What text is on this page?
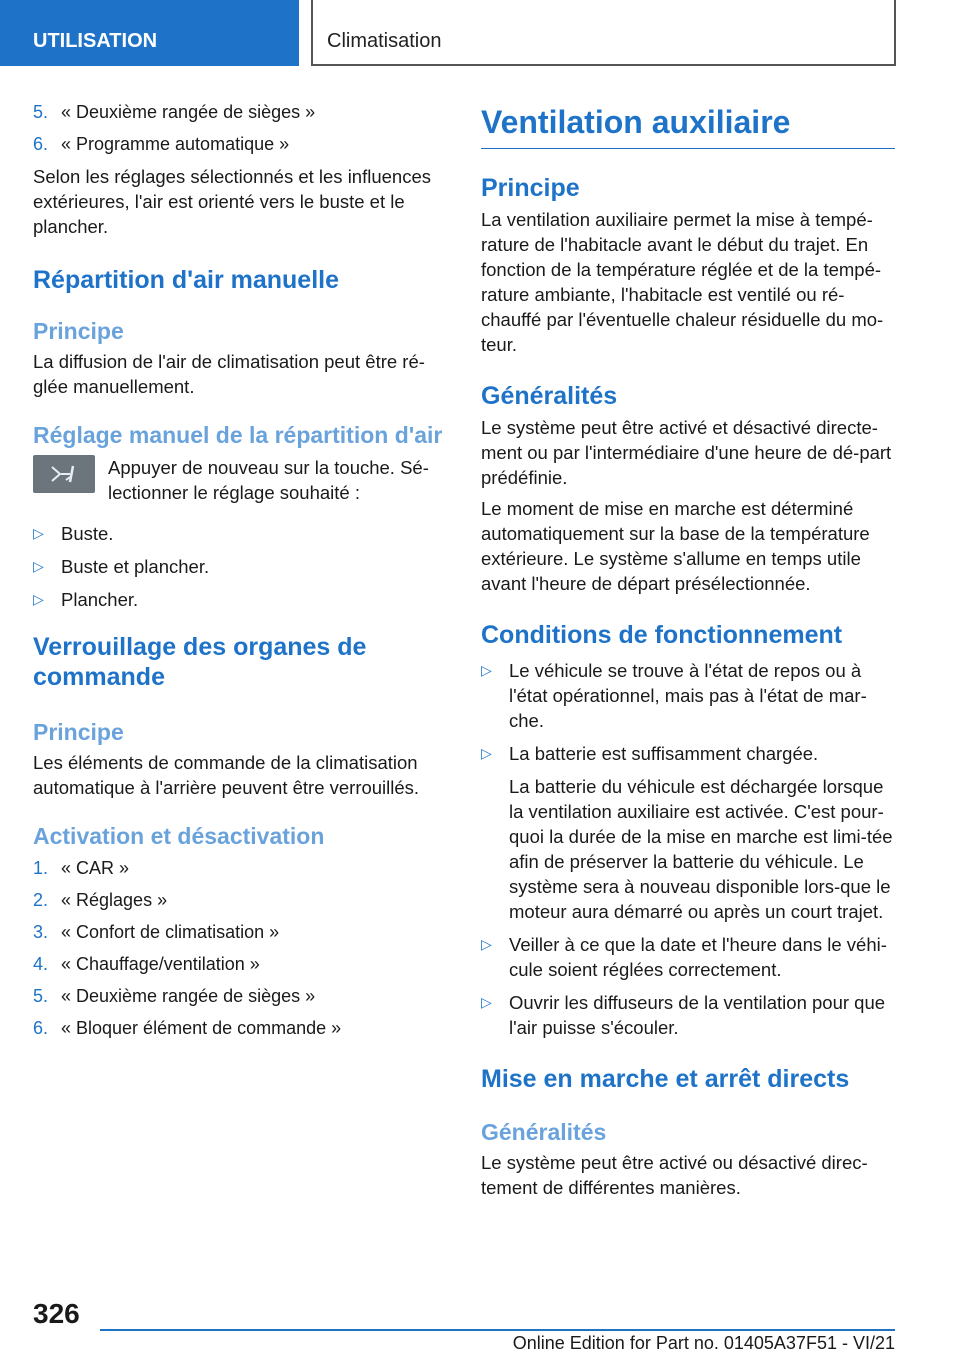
UTILISATION	Climatisation
5. « Deuxième rangée de sièges »
6. « Programme automatique »

Selon les réglages sélectionnés et les influences extérieures, l'air est orienté vers le buste et le plancher.

Répartition d'air manuelle
Principe

La diffusion de l'air de climatisation peut être ré-glée manuellement.

Réglage manuel de la répartition d'air

Appuyer de nouveau sur la touche. Sé-lectionner le réglage souhaité :

▷ Buste.
▷ Buste et plancher.
▷ Plancher.
Verrouillage des organes de commande
Principe

Les éléments de commande de la climatisation automatique à l'arrière peuvent être verrouillés.

Activation et désactivation
1. « CAR »
2. « Réglages »
3. « Confort de climatisation »
4. « Chauffage/ventilation »
5. « Deuxième rangée de sièges »
6. « Bloquer élément de commande »
Ventilation auxiliaire
Principe

La ventilation auxiliaire permet la mise à tempé-rature de l'habitacle avant le début du trajet. En fonction de la température réglée et de la tempé-rature ambiante, l'habitacle est ventilé ou ré-chauffé par l'éventuelle chaleur résiduelle du mo-teur.

Généralités

Le système peut être activé et désactivé directe-ment ou par l'intermédiaire d'une heure de dé-part prédéfinie.

Le moment de mise en marche est déterminé automatiquement sur la base de la température extérieure. Le système s'allume en temps utile avant l'heure de départ présélectionnée.

Conditions de fonctionnement
▷ Le véhicule se trouve à l'état de repos ou à l'état opérationnel, mais pas à l'état de mar-che.
▷ La batterie est suffisamment chargée.
La batterie du véhicule est déchargée lorsque la ventilation auxiliaire est activée. C'est pour-quoi la durée de la mise en marche est limi-tée afin de préserver la batterie du véhicule. Le système sera à nouveau disponible lors-que le moteur aura démarré ou après un court trajet.
▷ Veiller à ce que la date et l'heure dans le véhi-cule soient réglées correctement.
▷ Ouvrir les diffuseurs de la ventilation pour que l'air puisse s'écouler.
Mise en marche et arrêt directs
Généralités

Le système peut être activé ou désactivé direc-tement de différentes manières.

326
Online Edition for Part no. 01405A37F51 - VI/21
